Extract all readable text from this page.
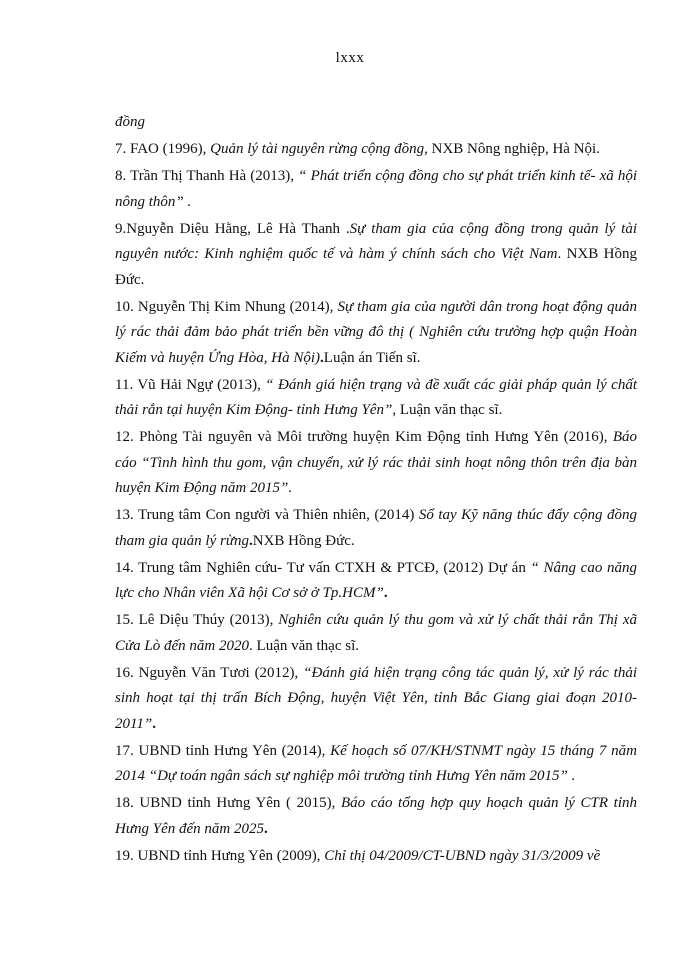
lxxx
đồng
7. FAO (1996), Quản lý tài nguyên rừng cộng đồng, NXB Nông nghiệp, Hà Nội.
8. Trần Thị Thanh Hà (2013), “ Phát triển cộng đồng cho sự phát triển kinh tế- xã hội nông thôn” .
9.Nguyễn Diệu Hằng, Lê Hà Thanh .Sự tham gia của cộng đồng trong quản lý tài nguyên nước: Kinh nghiệm quốc tế và hàm ý chính sách cho Việt Nam. NXB Hồng Đức.
10. Nguyễn Thị Kim Nhung (2014), Sự tham gia của người dân trong hoạt động quản lý rác thải đảm bảo phát triển bền vững đô thị ( Nghiên cứu trường hợp quận Hoàn Kiếm và huyện Ứng Hòa, Hà Nội).Luận án Tiến sĩ.
11. Vũ Hải Ngự (2013), “ Đánh giá hiện trạng và đề xuất các giải pháp quản lý chất thải rắn tại huyện Kim Động- tỉnh Hưng Yên”, Luận văn thạc sĩ.
12. Phòng Tài nguyên và Môi trường huyện Kim Động tỉnh Hưng Yên (2016), Báo cáo “Tình hình thu gom, vận chuyển, xử lý rác thải sinh hoạt nông thôn trên địa bàn huyện Kim Động năm 2015”.
13. Trung tâm Con người và Thiên nhiên, (2014) Sổ tay Kỹ năng thúc đẩy cộng đồng tham gia quản lý rừng.NXB Hồng Đức.
14. Trung tâm Nghiên cứu- Tư vấn CTXH & PTCĐ, (2012) Dự án “ Nâng cao năng lực cho Nhân viên Xã hội Cơ sở ở Tp.HCM”.
15. Lê Diệu Thúy (2013), Nghiên cứu quản lý thu gom và xử lý chất thải rắn Thị xã Cửa Lò đến năm 2020. Luận văn thạc sĩ.
16. Nguyễn Văn Tươi (2012), “Đánh giá hiện trạng công tác quản lý, xử lý rác thải sinh hoạt tại thị trấn Bích Động, huyện Việt Yên, tỉnh Bắc Giang giai đoạn 2010-2011”.
17. UBND tỉnh Hưng Yên (2014), Kế hoạch số 07/KH/STNMT ngày 15 tháng 7 năm 2014 “Dự toán ngân sách sự nghiệp môi trường tỉnh Hưng Yên năm 2015” .
18. UBND tỉnh Hưng Yên ( 2015), Báo cáo tổng hợp quy hoạch quản lý CTR tỉnh Hưng Yên đến năm 2025.
19. UBND tỉnh Hưng Yên (2009), Chỉ thị 04/2009/CT-UBND ngày 31/3/2009 về
